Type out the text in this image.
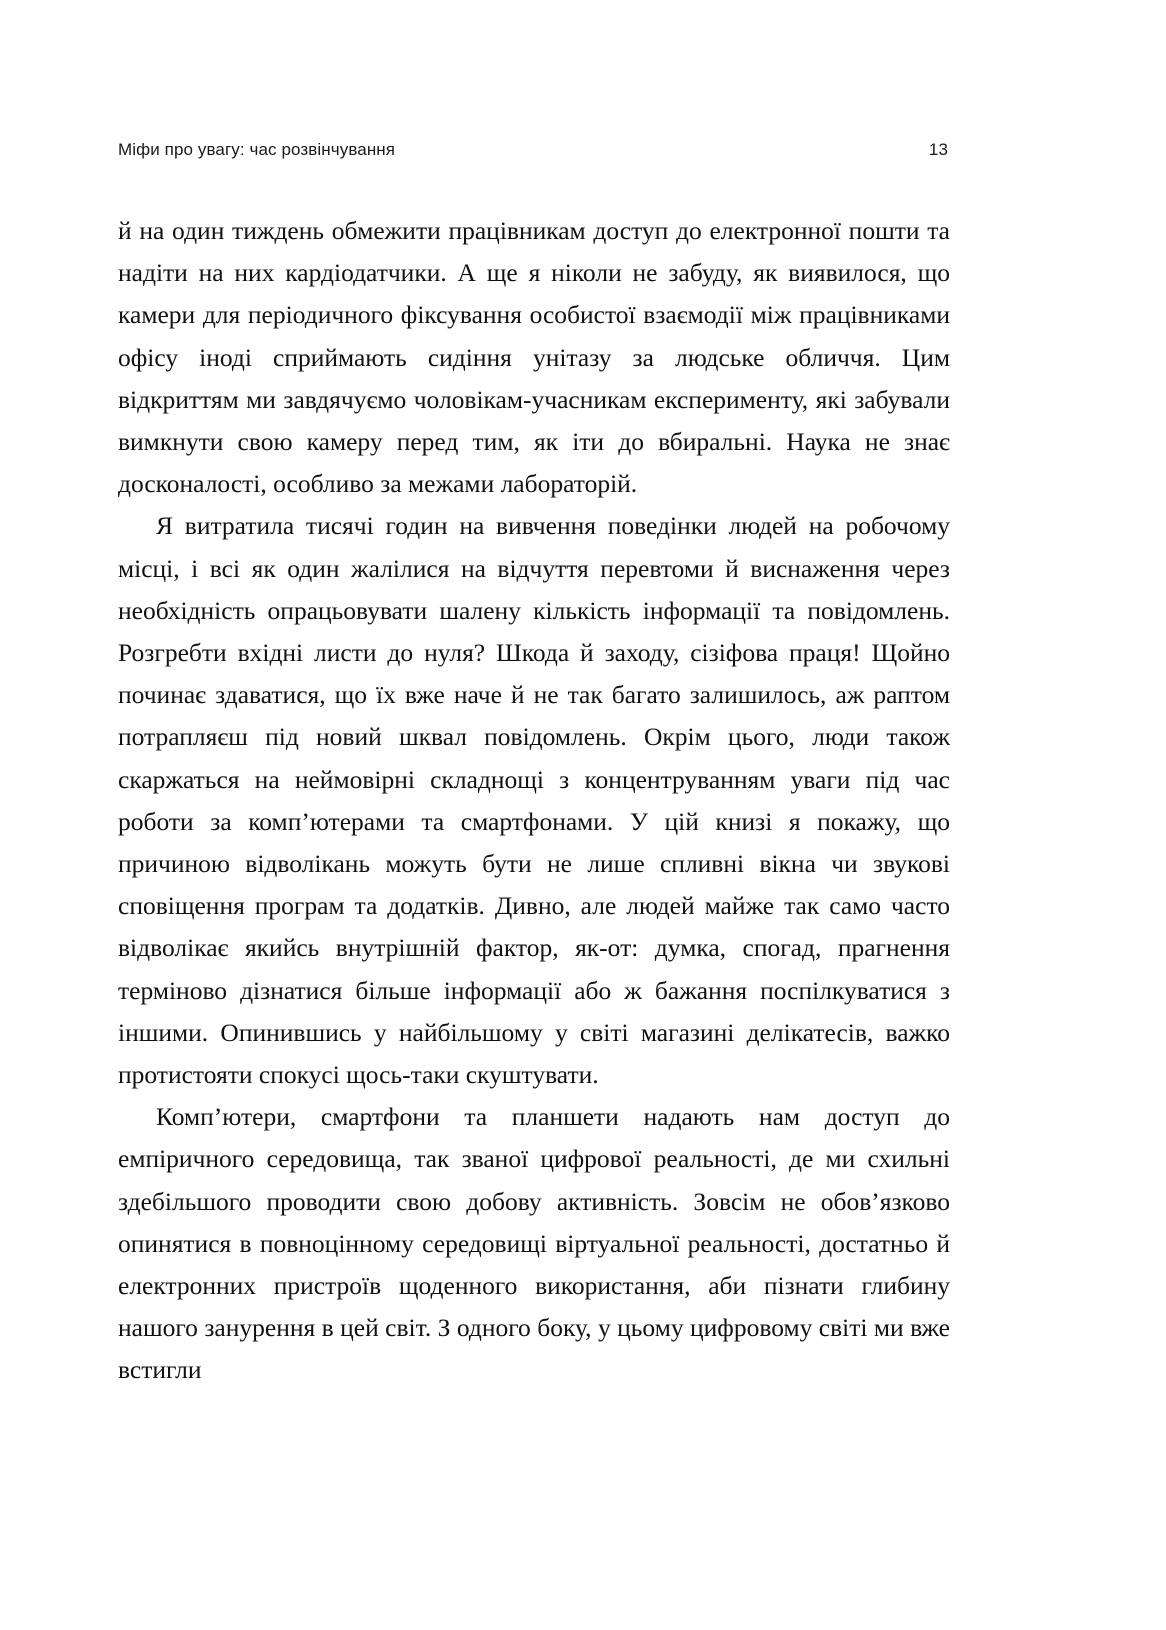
Міфи про увагу: час розвінчування	13

й на один тиждень обмежити працівникам доступ до електронної пошти та надіти на них кардіодатчики. А ще я ніколи не забуду, як виявилося, що камери для періодичного фіксування особистої взаємодії між працівниками офісу іноді сприймають сидіння унітазу за людське обличчя. Цим відкриттям ми завдячуємо чоловікам-учасникам експерименту, які забували вимкнути свою камеру перед тим, як іти до вбиральні. Наука не знає досконалості, особливо за межами лабораторій.

Я витратила тисячі годин на вивчення поведінки людей на робочому місці, і всі як один жалілися на відчуття перевтоми й виснаження через необхідність опрацьовувати шалену кількість інформації та повідомлень. Розгребти вхідні листи до нуля? Шкода й заходу, сізіфова праця! Щойно починає здаватися, що їх вже наче й не так багато залишилось, аж раптом потрапляєш під новий шквал повідомлень. Окрім цього, люди також скаржаться на неймовірні складнощі з концентруванням уваги під час роботи за комп’ютерами та смартфонами. У цій книзі я покажу, що причиною відволікань можуть бути не лише спливні вікна чи звукові сповіщення програм та додатків. Дивно, але людей майже так само часто відволікає якийсь внутрішній фактор, як-от: думка, спогад, прагнення терміново дізнатися більше інформації або ж бажання поспілкуватися з іншими. Опинившись у найбільшому у світі магазині делікатесів, важко протистояти спокусі щось-таки скуштувати.

Комп’ютери, смартфони та планшети надають нам доступ до емпіричного середовища, так званої цифрової реальності, де ми схильні здебільшого проводити свою добову активність. Зовсім не обов’язково опинятися в повноцінному середовищі віртуальної реальності, достатньо й електронних пристроїв щоденного використання, аби пізнати глибину нашого занурення в цей світ. З одного боку, у цьому цифровому світі ми вже встигли
